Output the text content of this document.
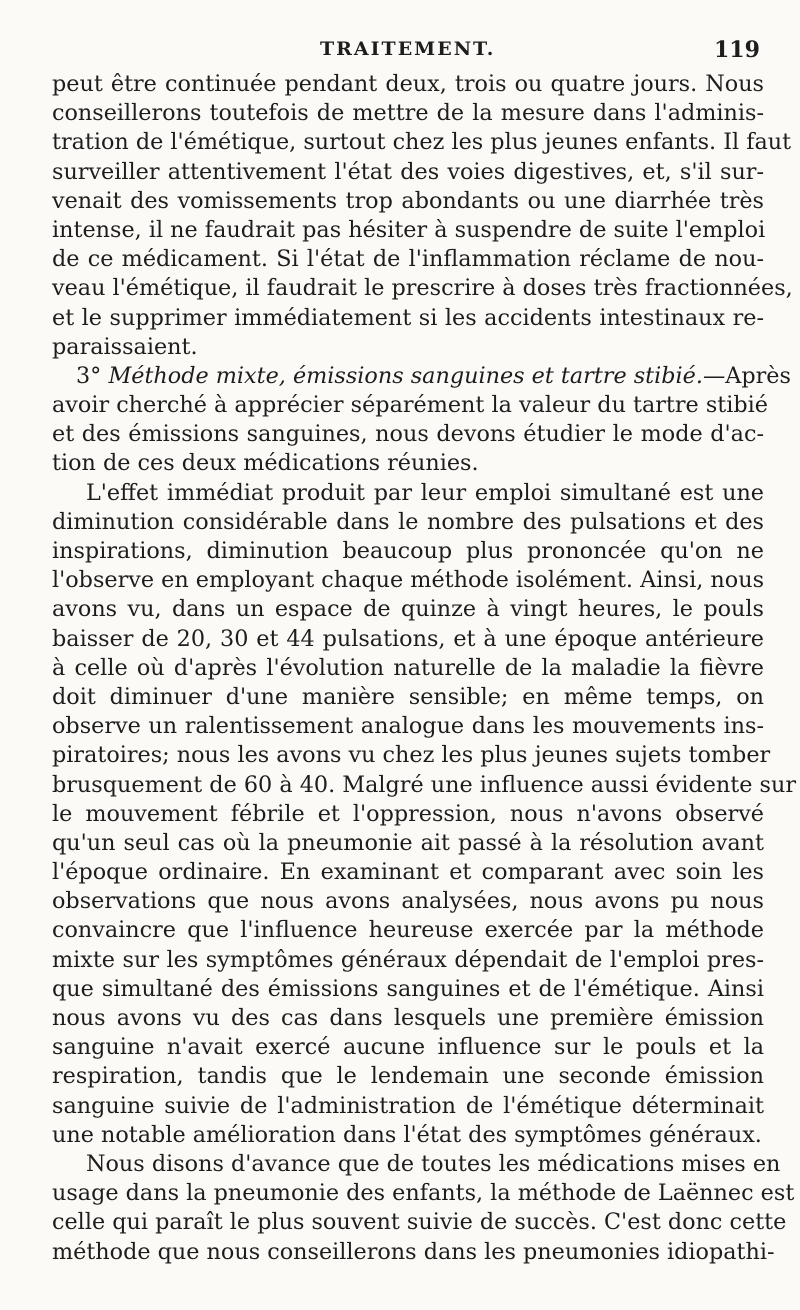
TRAITEMENT.	119
peut être continuée pendant deux, trois ou quatre jours. Nous
conseillerons toutefois de mettre de la mesure dans l'adminis-
tration de l'émétique, surtout chez les plus jeunes enfants. Il faut
surveiller attentivement l'état des voies digestives, et, s'il sur-
venait des vomissements trop abondants ou une diarrhée très
intense, il ne faudrait pas hésiter à suspendre de suite l'emploi
de ce médicament. Si l'état de l'inflammation réclame de nou-
veau l'émétique, il faudrait le prescrire à doses très fractionnées,
et le supprimer immédiatement si les accidents intestinaux re-
paraissaient.
3° Méthode mixte, émissions sanguines et tartre stibié.—Après
avoir cherché à apprécier séparément la valeur du tartre stibié
et des émissions sanguines, nous devons étudier le mode d'ac-
tion de ces deux médications réunies.
L'effet immédiat produit par leur emploi simultané est une
diminution considérable dans le nombre des pulsations et des
inspirations, diminution beaucoup plus prononcée qu'on ne
l'observe en employant chaque méthode isolément. Ainsi, nous
avons vu, dans un espace de quinze à vingt heures, le pouls
baisser de 20, 30 et 44 pulsations, et à une époque antérieure
à celle où d'après l'évolution naturelle de la maladie la fièvre
doit diminuer d'une manière sensible; en même temps, on
observe un ralentissement analogue dans les mouvements ins-
piratoires; nous les avons vu chez les plus jeunes sujets tomber
brusquement de 60 à 40. Malgré une influence aussi évidente sur
le mouvement fébrile et l'oppression, nous n'avons observé
qu'un seul cas où la pneumonie ait passé à la résolution avant
l'époque ordinaire. En examinant et comparant avec soin les
observations que nous avons analysées, nous avons pu nous
convaincre que l'influence heureuse exercée par la méthode
mixte sur les symptômes généraux dépendait de l'emploi pres-
que simultané des émissions sanguines et de l'émétique. Ainsi
nous avons vu des cas dans lesquels une première émission
sanguine n'avait exercé aucune influence sur le pouls et la
respiration, tandis que le lendemain une seconde émission
sanguine suivie de l'administration de l'émétique déterminait
une notable amélioration dans l'état des symptômes généraux.
Nous disons d'avance que de toutes les médications mises en
usage dans la pneumonie des enfants, la méthode de Laënnec est
celle qui paraît le plus souvent suivie de succès. C'est donc cette
méthode que nous conseillerons dans les pneumonies idiopathi-
